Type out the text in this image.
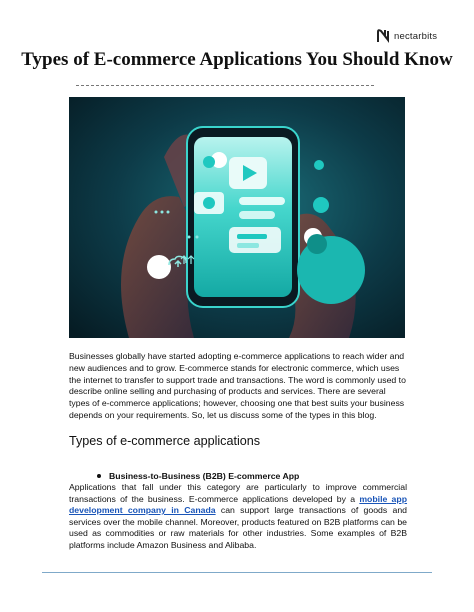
nectarbits
Types of E-commerce Applications You Should Know

Businesses globally have started adopting e-commerce applications to reach wider and new audiences and to grow. E-commerce stands for electronic commerce, which uses the internet to transfer to support trade and transactions. The word is commonly used to describe online selling and purchasing of products and services. There are several types of e-commerce applications; however, choosing one that best suits your business depends on your requirements. So, let us discuss some of the types in this blog.

Types of e-commerce applications
Business-to-Business (B2B) E-commerce App

Applications that fall under this category are particularly to improve commercial transactions of the business. E-commerce applications developed by a mobile app development company in Canada can support large transactions of goods and services over the mobile channel. Moreover, products featured on B2B platforms can be used as commodities or raw materials for other industries. Some examples of B2B platforms include Amazon Business and Alibaba.
